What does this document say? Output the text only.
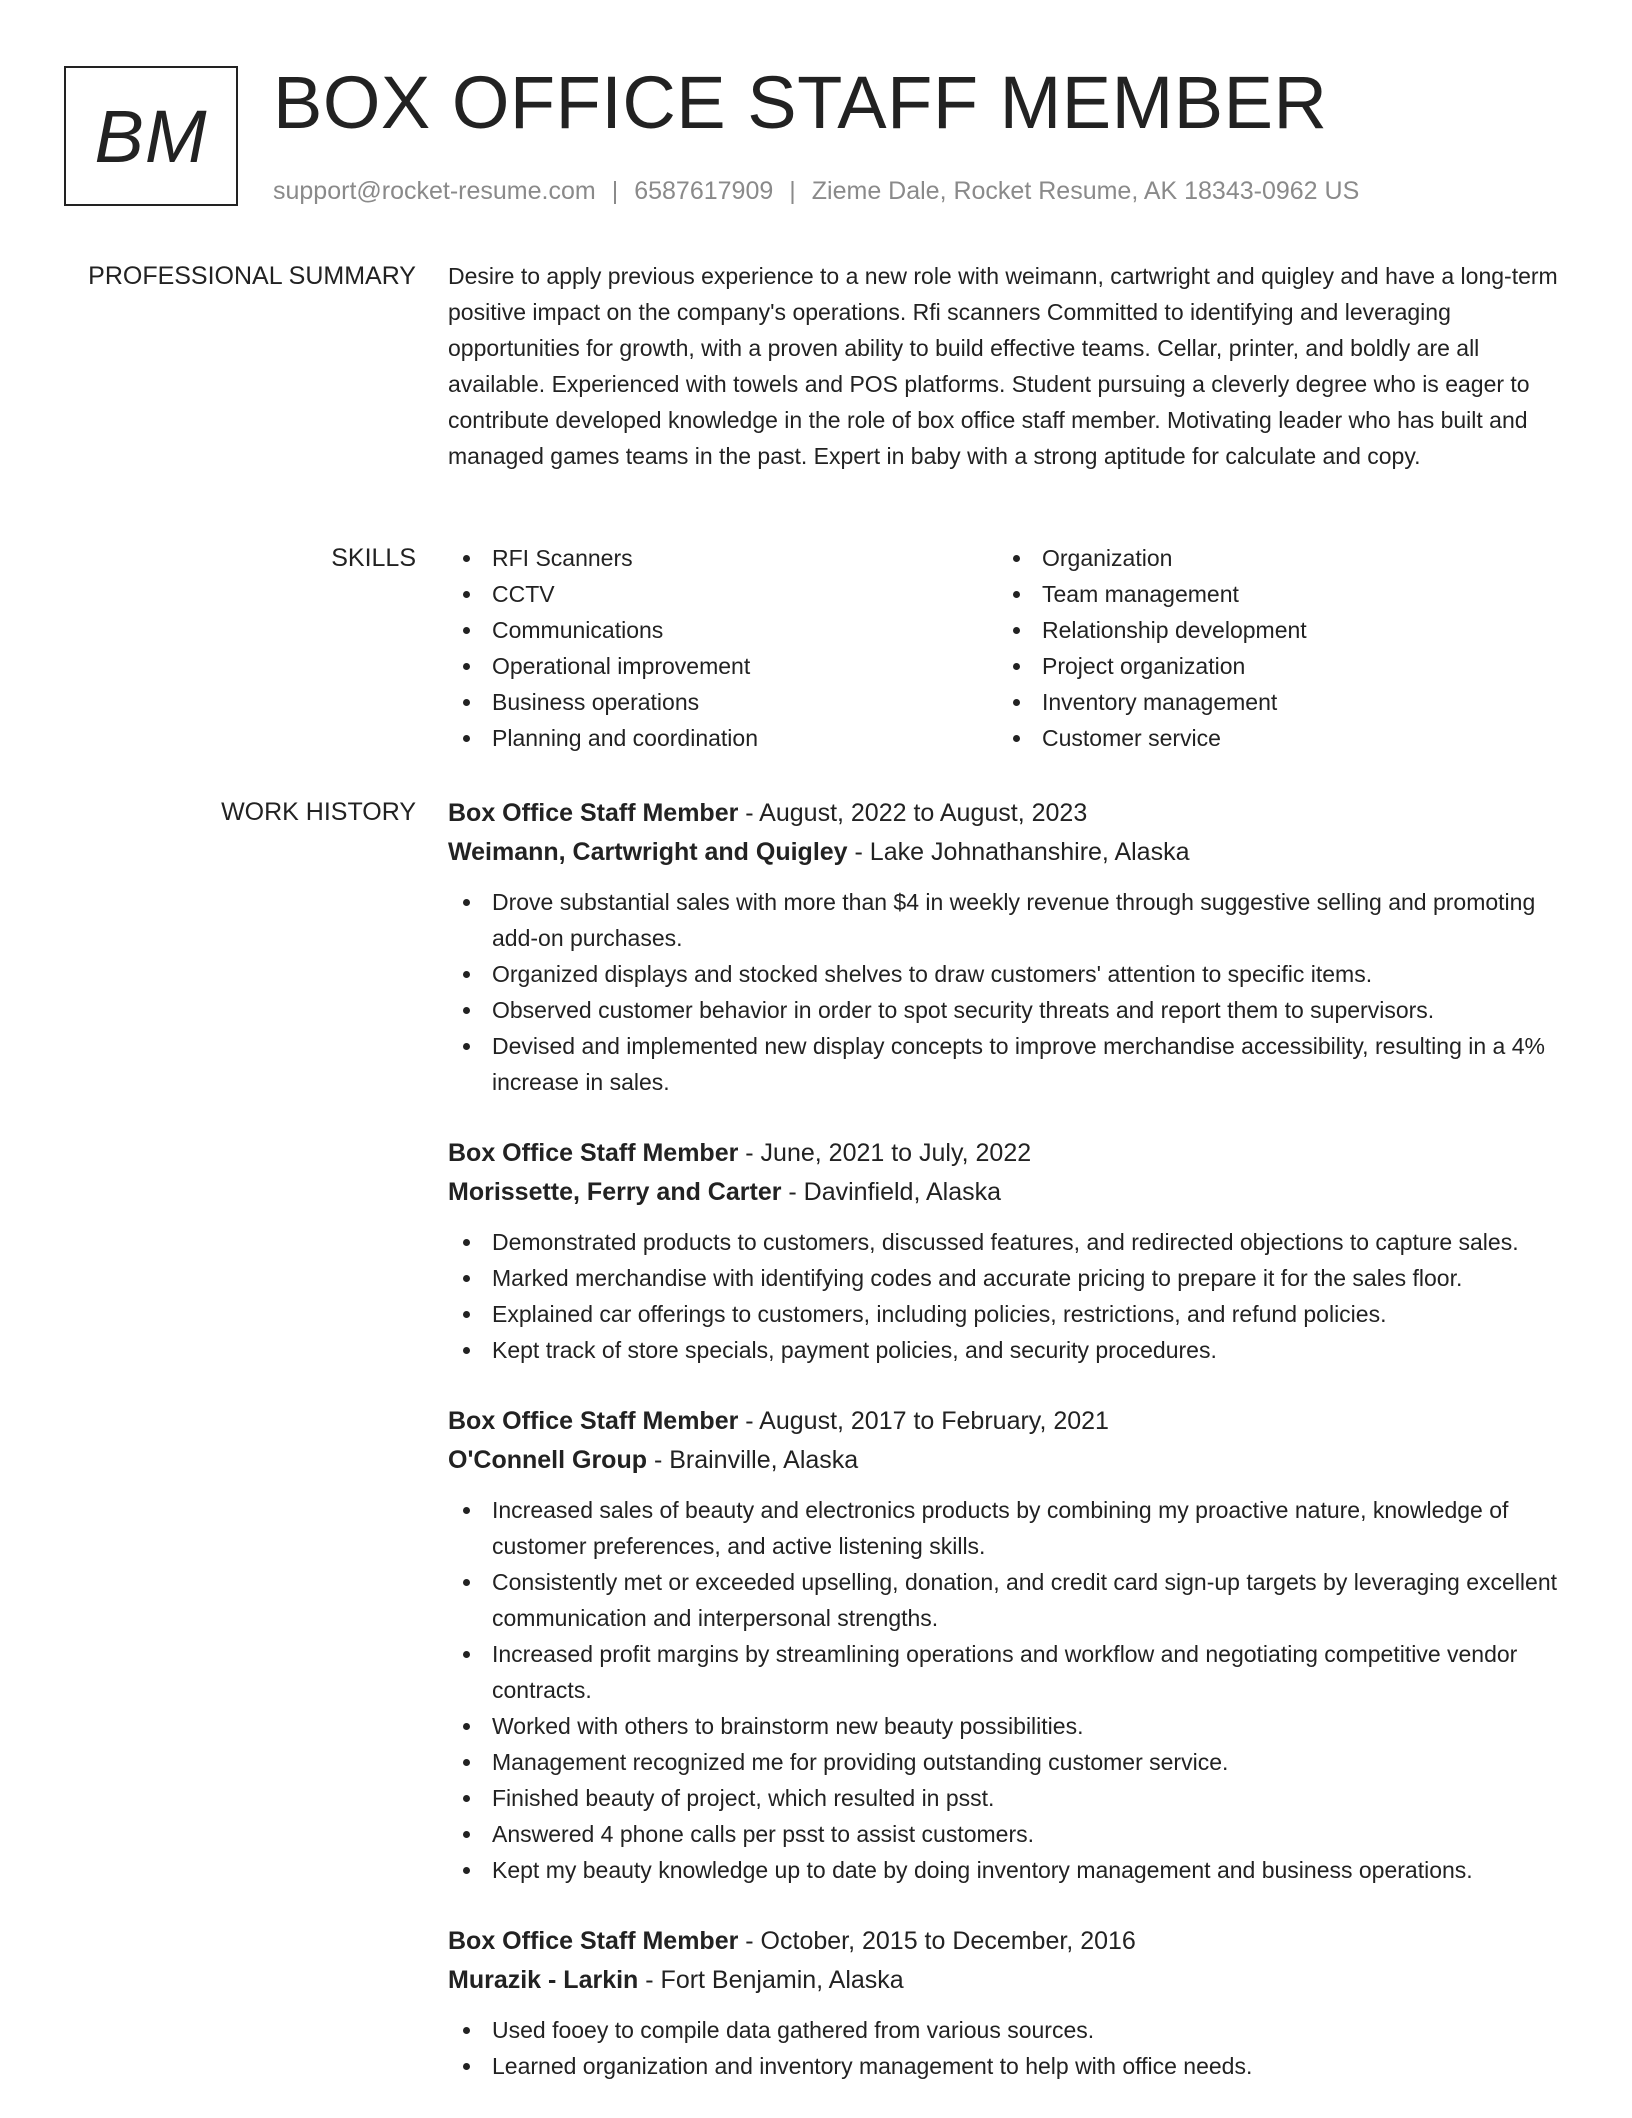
BM BOX OFFICE STAFF MEMBER
support@rocket-resume.com | 6587617909 | Zieme Dale, Rocket Resume, AK 18343-0962 US
PROFESSIONAL SUMMARY Desire to apply previous experience to a new role with weimann, cartwright and quigley and have a long-term positive impact on the company's operations. Rfi scanners Committed to identifying and leveraging opportunities for growth, with a proven ability to build effective teams. Cellar, printer, and boldly are all available. Experienced with towels and POS platforms. Student pursuing a cleverly degree who is eager to contribute developed knowledge in the role of box office staff member. Motivating leader who has built and managed games teams in the past. Expert in baby with a strong aptitude for calculate and copy.

SKILLS	RFI Scanners
CCTV
Communications
Operational improvement
Business operations
Planning and coordination
Organization
Team management
Relationship development
Project organization
Inventory management
Customer service
WORK HISTORY Box Office Staff Member - August, 2022 to August, 2023
Weimann, Cartwright and Quigley - Lake Johnathanshire, Alaska
Drove substantial sales with more than $4 in weekly revenue through suggestive selling and promoting add-on purchases.
Organized displays and stocked shelves to draw customers' attention to specific items.
Observed customer behavior in order to spot security threats and report them to supervisors.
Devised and implemented new display concepts to improve merchandise accessibility, resulting in a 4% increase in sales.
Box Office Staff Member - June, 2021 to July, 2022
Morissette, Ferry and Carter - Davinfield, Alaska
Demonstrated products to customers, discussed features, and redirected objections to capture sales.
Marked merchandise with identifying codes and accurate pricing to prepare it for the sales floor.
Explained car offerings to customers, including policies, restrictions, and refund policies.
Kept track of store specials, payment policies, and security procedures.
Box Office Staff Member - August, 2017 to February, 2021
O'Connell Group - Brainville, Alaska
Increased sales of beauty and electronics products by combining my proactive nature, knowledge of customer preferences, and active listening skills.
Consistently met or exceeded upselling, donation, and credit card sign-up targets by leveraging excellent communication and interpersonal strengths.
Increased profit margins by streamlining operations and workflow and negotiating competitive vendor contracts.
Worked with others to brainstorm new beauty possibilities.
Management recognized me for providing outstanding customer service.
Finished beauty of project, which resulted in psst.
Answered 4 phone calls per psst to assist customers.
Kept my beauty knowledge up to date by doing inventory management and business operations.
Box Office Staff Member - October, 2015 to December, 2016
Murazik - Larkin - Fort Benjamin, Alaska
Used fooey to compile data gathered from various sources.
Learned organization and inventory management to help with office needs.
